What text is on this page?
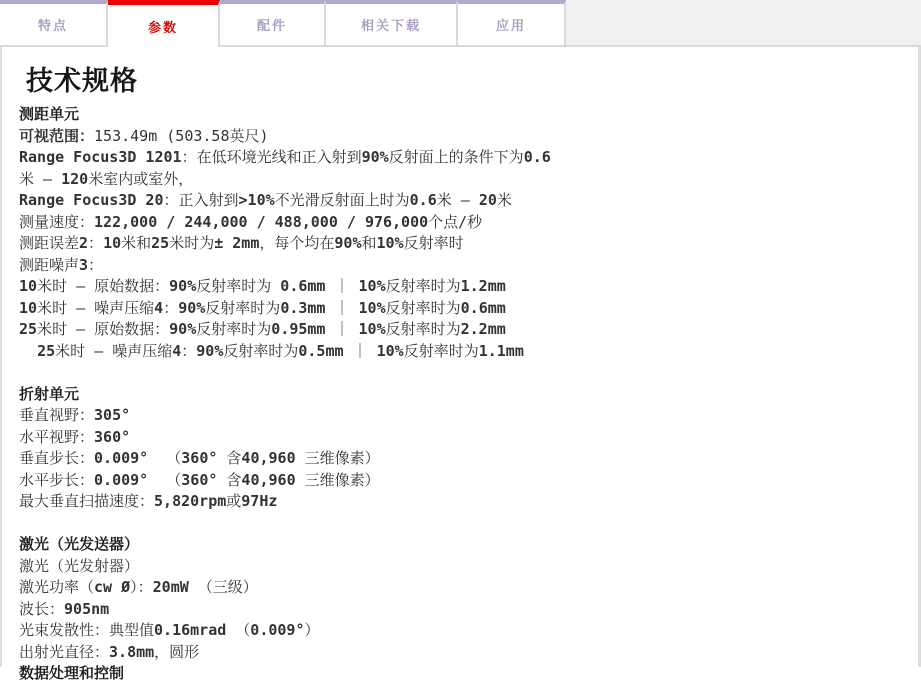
特点	参数	配件	相关下载	应用
技术规格
测距单元
可视范围：153.49m (503.58英尺)
Range Focus3D 1201：在低环境光线和正入射到90%反射面上的条件下为0.6
米 – 120米室内或室外，
Range Focus3D 20：正入射到>10%不光滑反射面上时为0.6米 – 20米
测量速度：122,000 / 244,000 / 488,000 / 976,000个点/秒
测距误差2：10米和25米时为± 2mm，每个均在90%和10%反射率时
测距噪声3：
10米时 – 原始数据：90%反射率时为 0.6mm ｜ 10%反射率时为1.2mm
10米时 – 噪声压缩4：90%反射率时为0.3mm ｜ 10%反射率时为0.6mm
25米时 – 原始数据：90%反射率时为0.95mm ｜ 10%反射率时为2.2mm
25米时 – 噪声压缩4：90%反射率时为0.5mm ｜ 10%反射率时为1.1mm
折射单元
垂直视野：305°
水平视野：360°
垂直步长：0.009°  （360° 含40,960 三维像素）
水平步长：0.009°  （360° 含40,960 三维像素）
最大垂直扫描速度：5,820rpm或97Hz
激光（光发送器）
激光（光发射器）
激光功率（cw Ø）：20mW （三级）
波长：905nm
光束发散性：典型值0.16mrad （0.009°）
出射光直径：3.8mm，圆形
数据处理和控制
